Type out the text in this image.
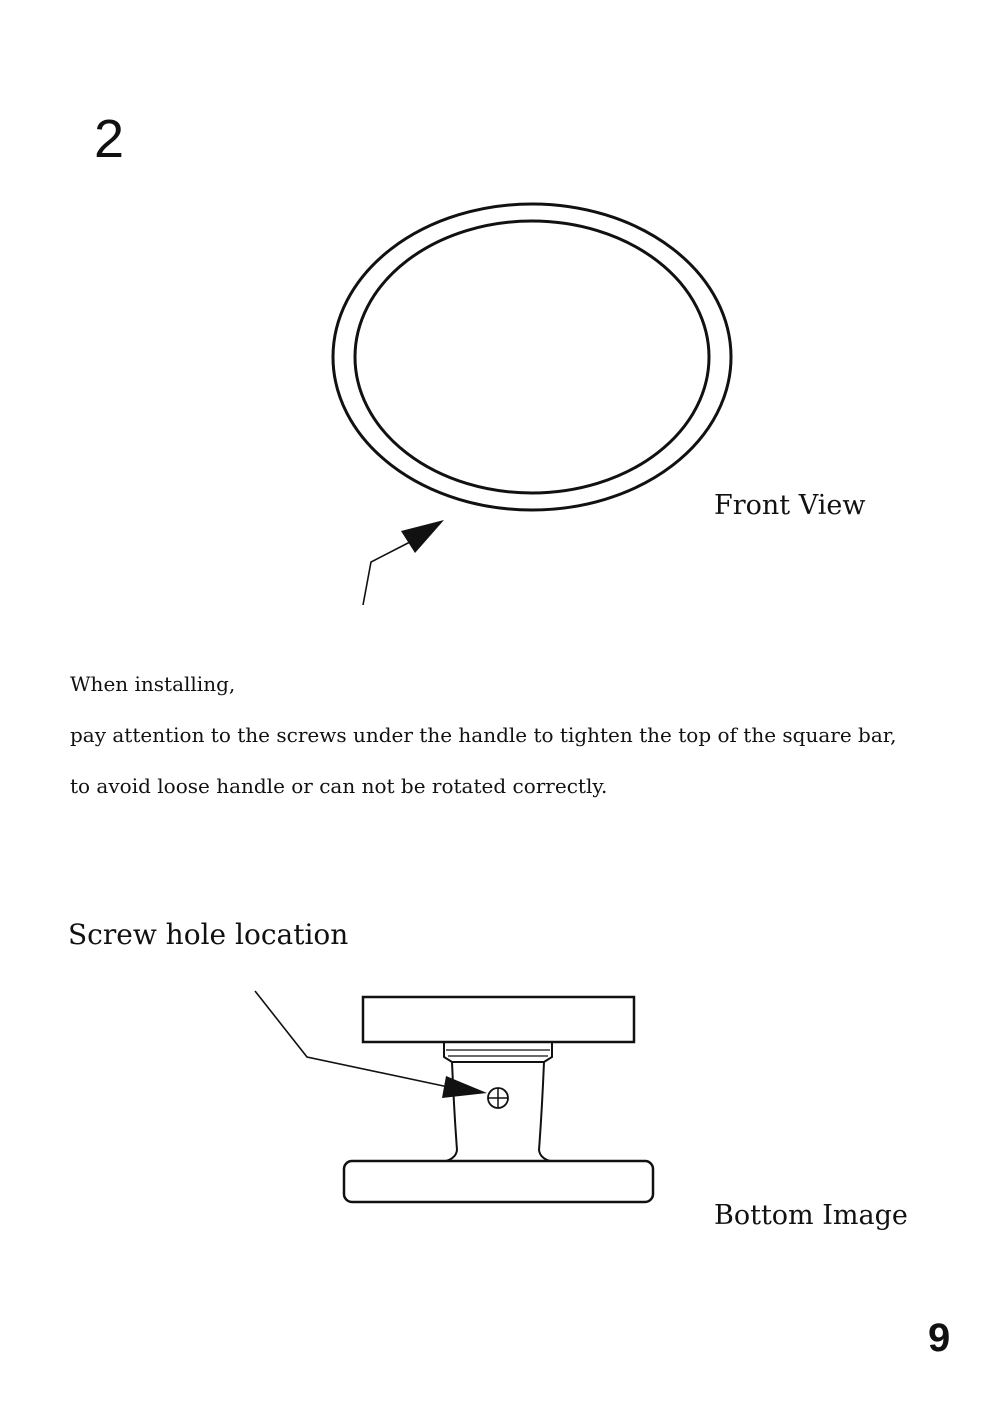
2
Front View
When installing,
pay attention to the screws under the handle to tighten the top of the square bar,
to avoid loose handle or can not be rotated correctly.
Screw hole location
Bottom Image
9
